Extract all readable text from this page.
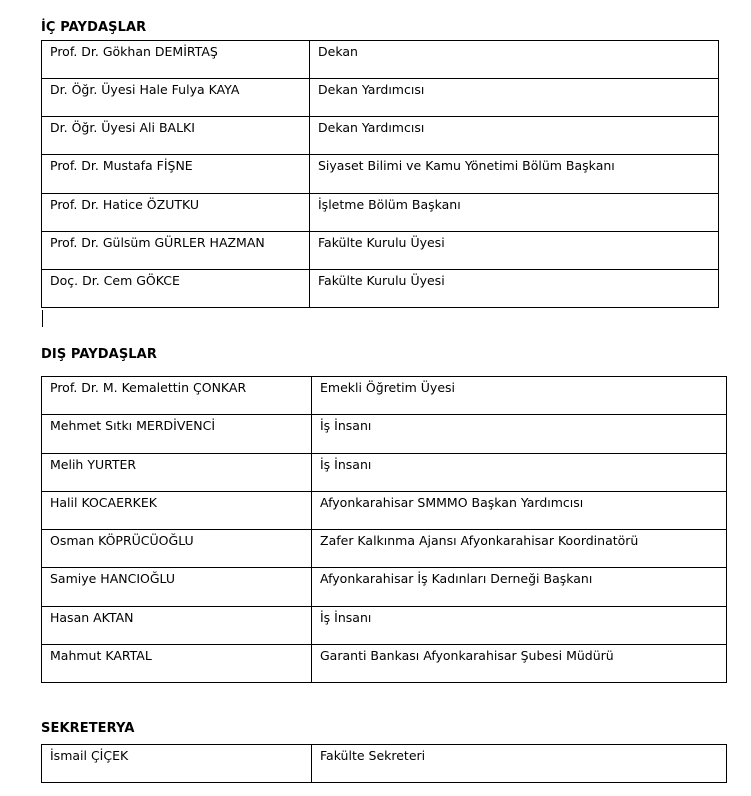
İÇ PAYDAŞLAR
Prof. Dr. Gökhan DEMİRTAŞ	Dekan
Dr. Öğr. Üyesi Hale Fulya KAYA	Dekan Yardımcısı
Dr. Öğr. Üyesi Ali BALKI	Dekan Yardımcısı
Prof. Dr. Mustafa FİŞNE	Siyaset Bilimi ve Kamu Yönetimi Bölüm Başkanı
Prof. Dr. Hatice ÖZUTKU	İşletme Bölüm Başkanı
Prof. Dr. Gülsüm GÜRLER HAZMAN	Fakülte Kurulu Üyesi
Doç. Dr. Cem GÖKCE	Fakülte Kurulu Üyesi
DIŞ PAYDAŞLAR
Prof. Dr. M. Kemalettin ÇONKAR	Emekli Öğretim Üyesi
Mehmet Sıtkı MERDİVENCİ	İş İnsanı
Melih YURTER	İş İnsanı
Halil KOCAERKEK	Afyonkarahisar SMMMO Başkan Yardımcısı
Osman KÖPRÜCÜOĞLU	Zafer Kalkınma Ajansı Afyonkarahisar Koordinatörü
Samiye HANCIOĞLU	Afyonkarahisar İş Kadınları Derneği Başkanı
Hasan AKTAN	İş İnsanı
Mahmut KARTAL	Garanti Bankası Afyonkarahisar Şubesi Müdürü
SEKRETERYA
İsmail ÇİÇEK	Fakülte Sekreteri
